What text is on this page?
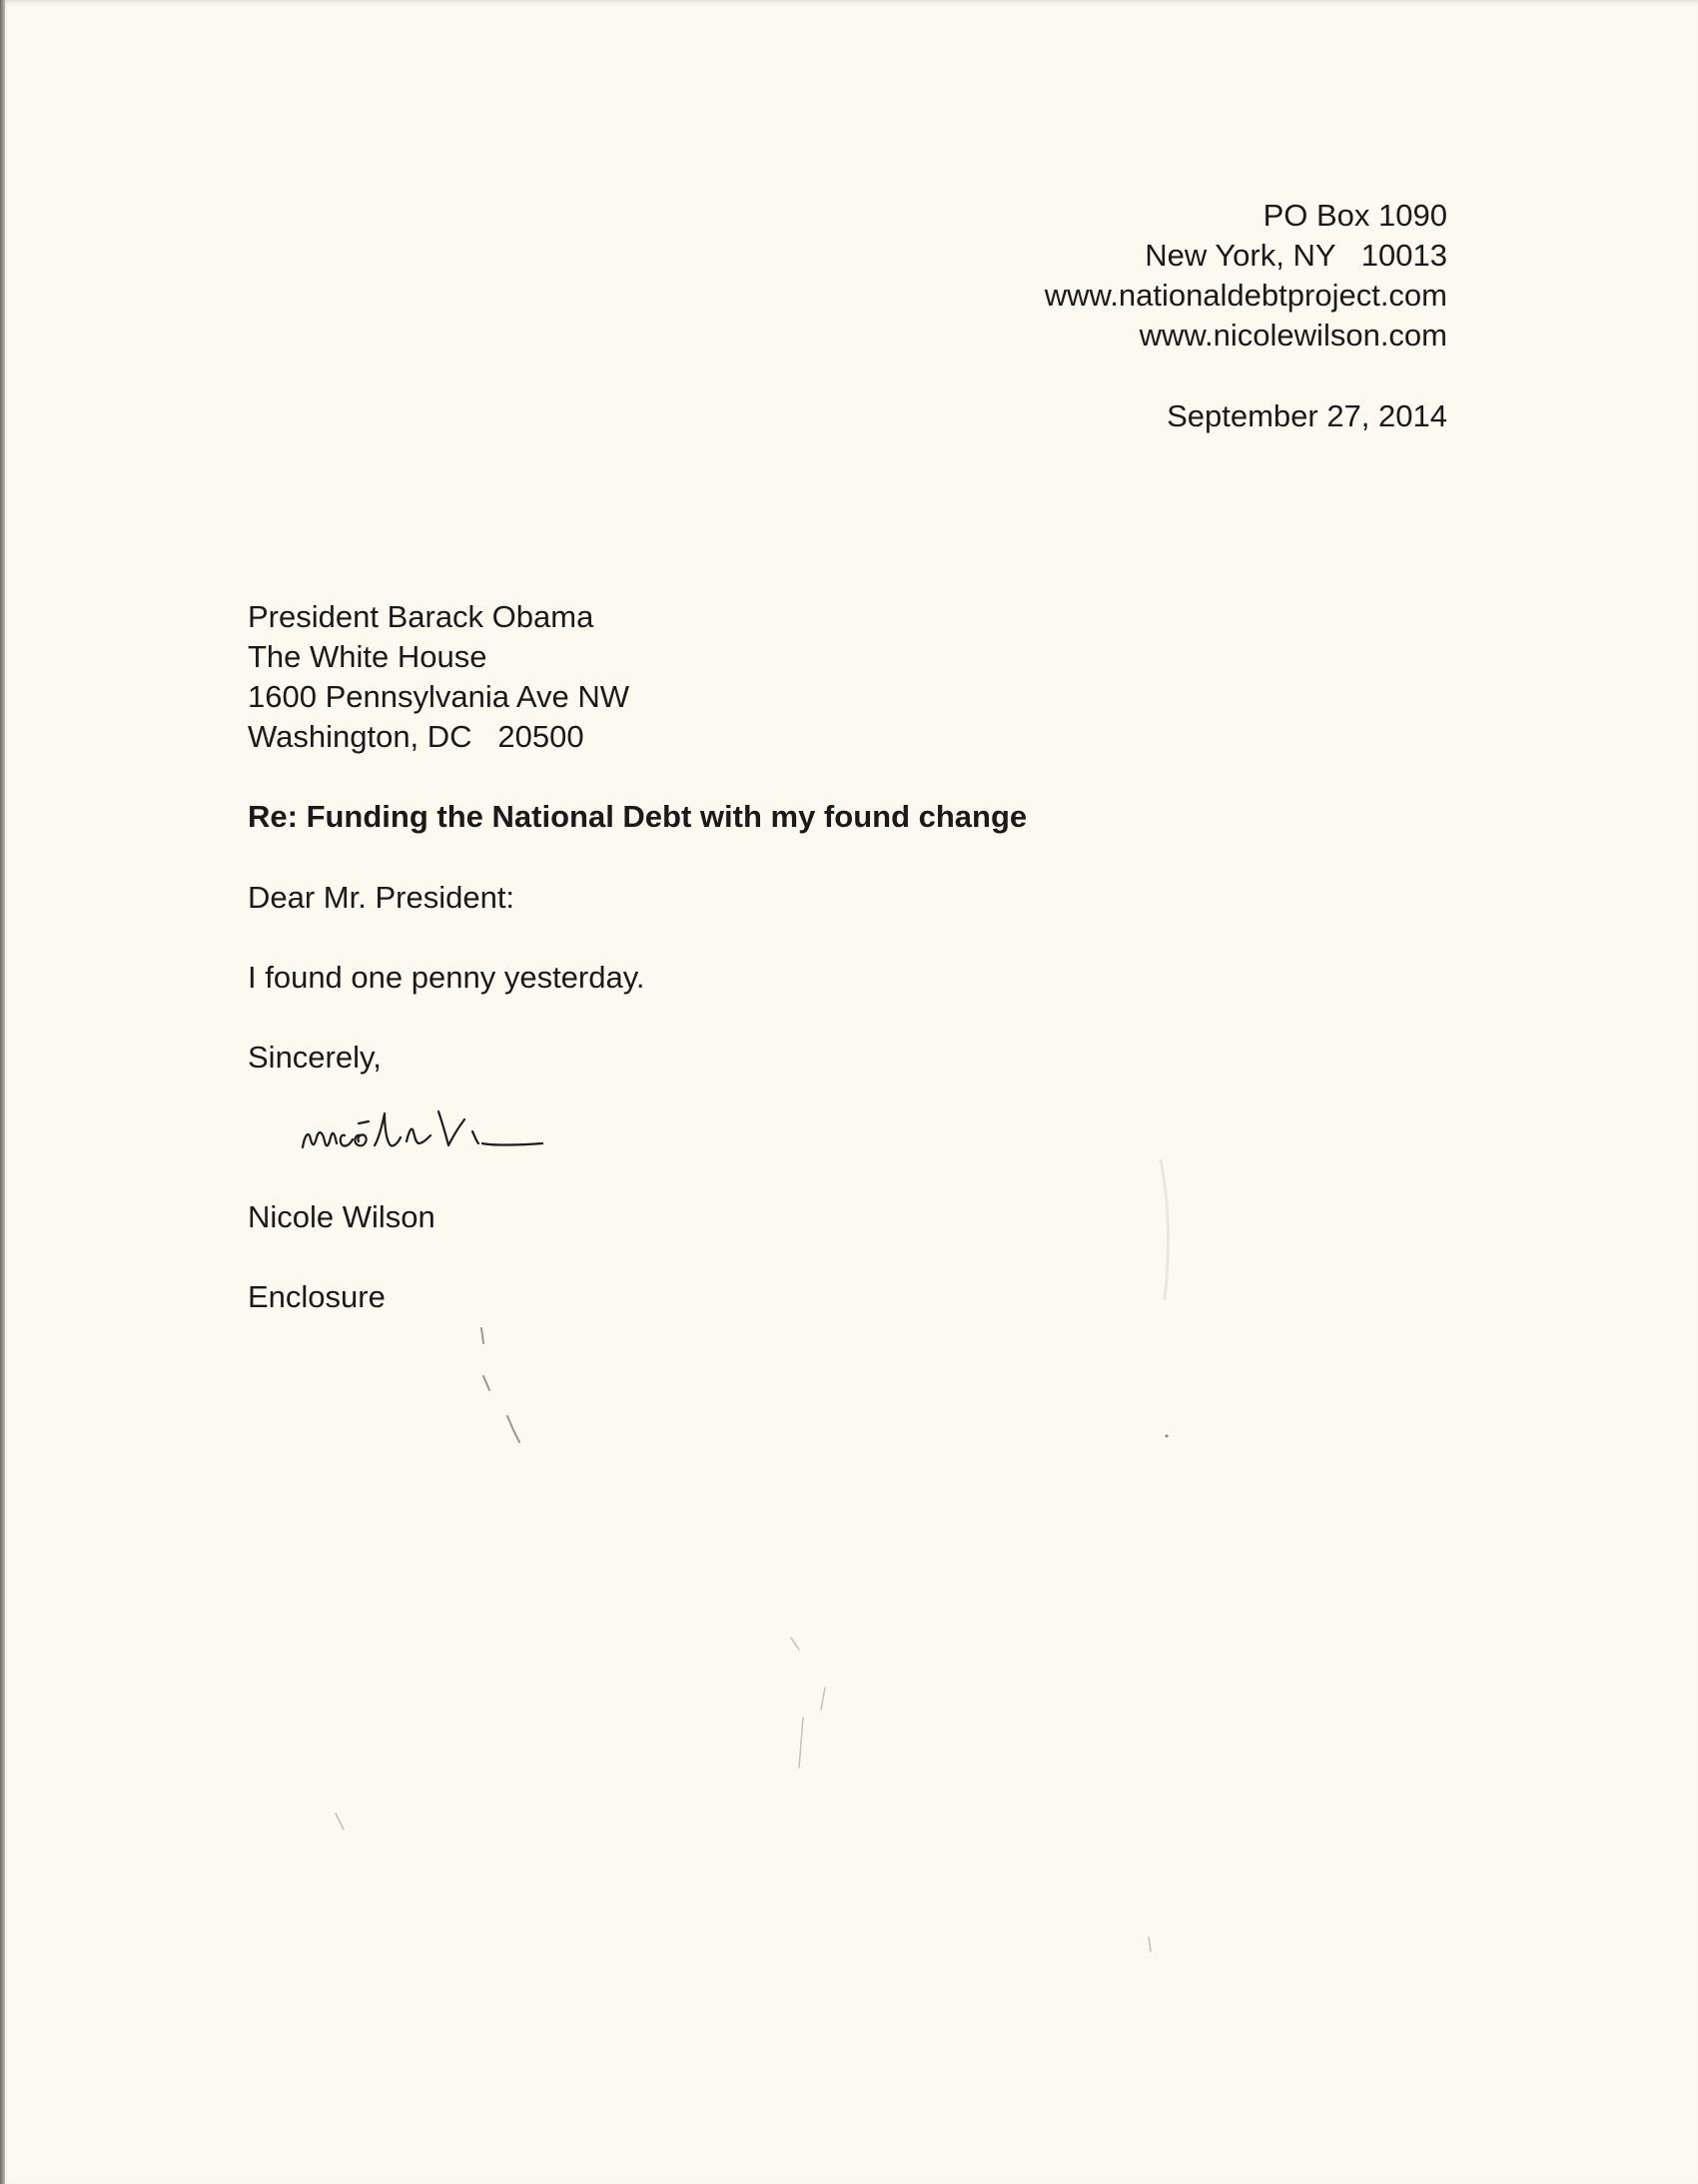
PO Box 1090
New York, NY   10013
www.nationaldebtproject.com
www.nicolewilson.com
September 27, 2014
President Barack Obama
The White House
1600 Pennsylvania Ave NW
Washington, DC   20500
Re: Funding the National Debt with my found change
Dear Mr. President:
I found one penny yesterday.
Sincerely,
Nicole Wilson
Enclosure
